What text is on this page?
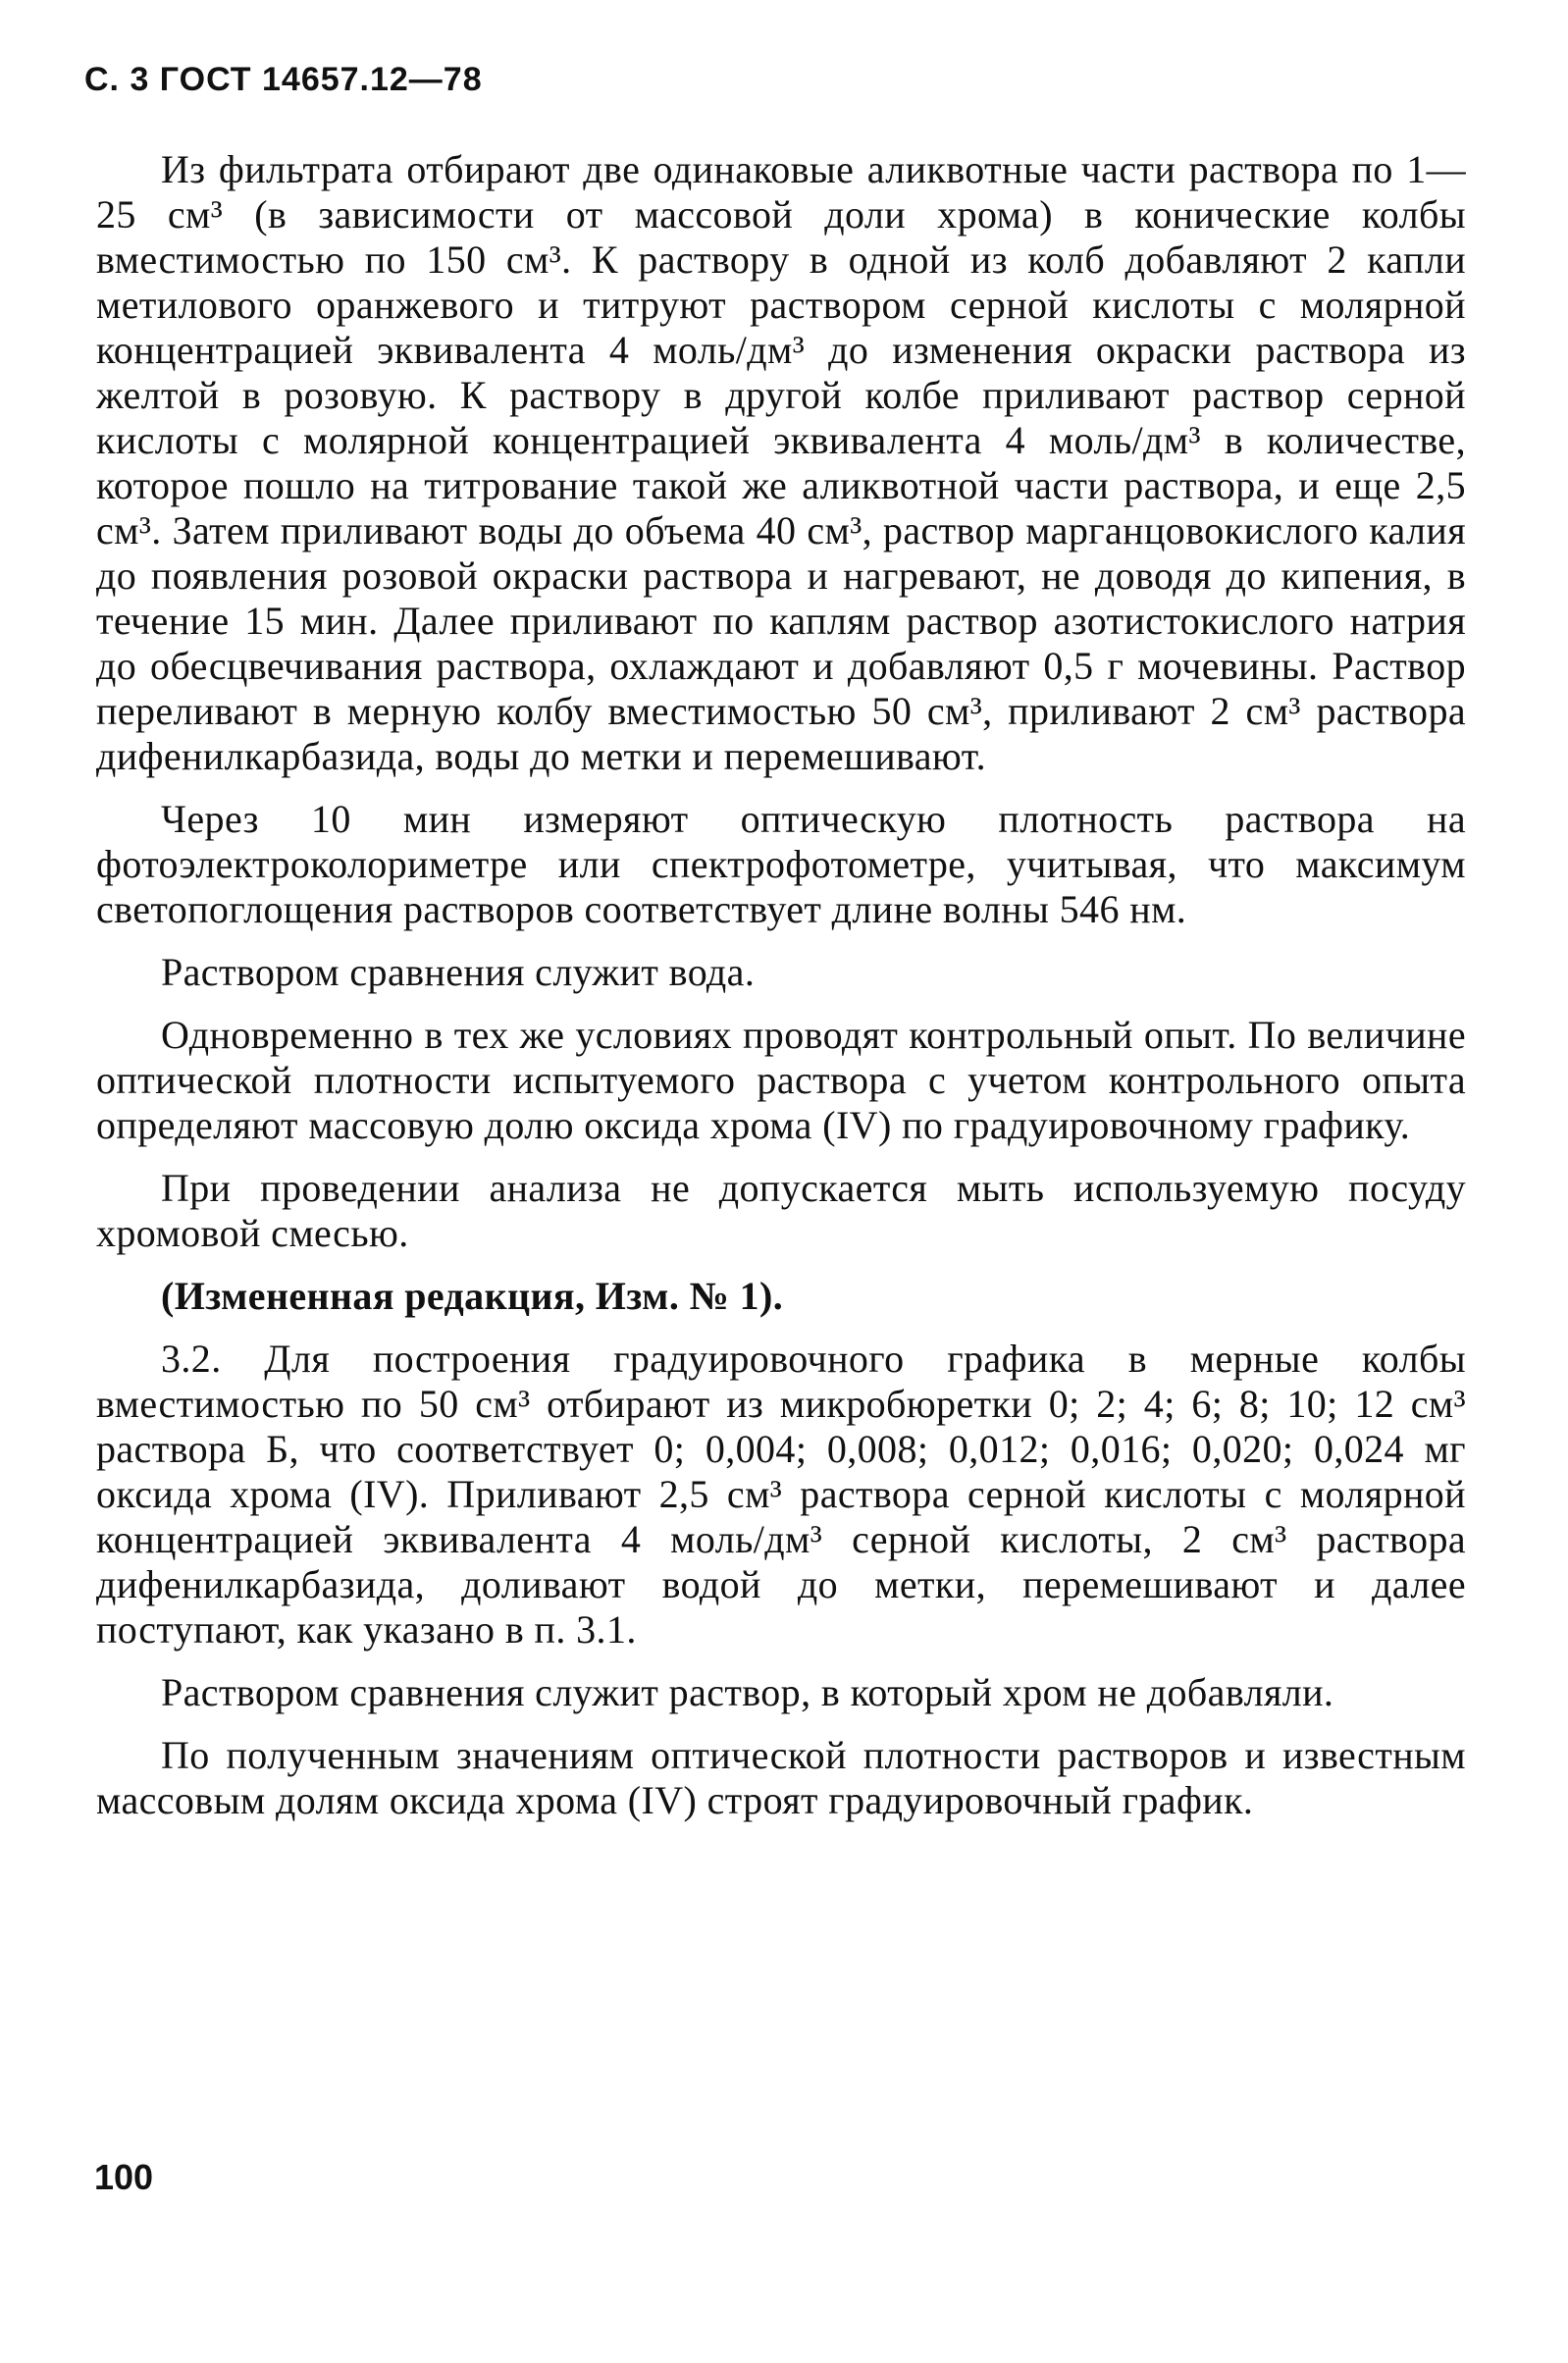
С. 3 ГОСТ 14657.12—78

Из фильтрата отбирают две одинаковые аликвотные части раствора по 1—25 см³ (в зависимости от массовой доли хрома) в конические колбы вместимостью по 150 см³. К раствору в одной из колб добавляют 2 капли метилового оранжевого и титруют раствором серной кислоты с молярной концентрацией эквивалента 4 моль/дм³ до изменения окраски раствора из желтой в розовую. К раствору в другой колбе приливают раствор серной кислоты с молярной концентрацией эквивалента 4 моль/дм³ в количестве, которое пошло на титрование такой же аликвотной части раствора, и еще 2,5 см³. Затем приливают воды до объема 40 см³, раствор марганцовокислого калия до появления розовой окраски раствора и нагревают, не доводя до кипения, в течение 15 мин. Далее приливают по каплям раствор азотистокислого натрия до обесцвечивания раствора, охлаждают и добавляют 0,5 г мочевины. Раствор переливают в мерную колбу вместимостью 50 см³, приливают 2 см³ раствора дифенилкарбазида, воды до метки и перемешивают.

Через 10 мин измеряют оптическую плотность раствора на фотоэлектроколориметре или спектрофотометре, учитывая, что максимум светопоглощения растворов соответствует длине волны 546 нм.

Раствором сравнения служит вода.

Одновременно в тех же условиях проводят контрольный опыт. По величине оптической плотности испытуемого раствора с учетом контрольного опыта определяют массовую долю оксида хрома (IV) по градуировочному графику.

При проведении анализа не допускается мыть используемую посуду хромовой смесью.

(Измененная редакция, Изм. № 1).

3.2. Для построения градуировочного графика в мерные колбы вместимостью по 50 см³ отбирают из микробюретки 0; 2; 4; 6; 8; 10; 12 см³ раствора Б, что соответствует 0; 0,004; 0,008; 0,012; 0,016; 0,020; 0,024 мг оксида хрома (IV). Приливают 2,5 см³ раствора серной кислоты с молярной концентрацией эквивалента 4 моль/дм³ серной кислоты, 2 см³ раствора дифенилкарбазида, доливают водой до метки, перемешивают и далее поступают, как указано в п. 3.1.

Раствором сравнения служит раствор, в который хром не добавляли.

По полученным значениям оптической плотности растворов и известным массовым долям оксида хрома (IV) строят градуировочный график.

100
